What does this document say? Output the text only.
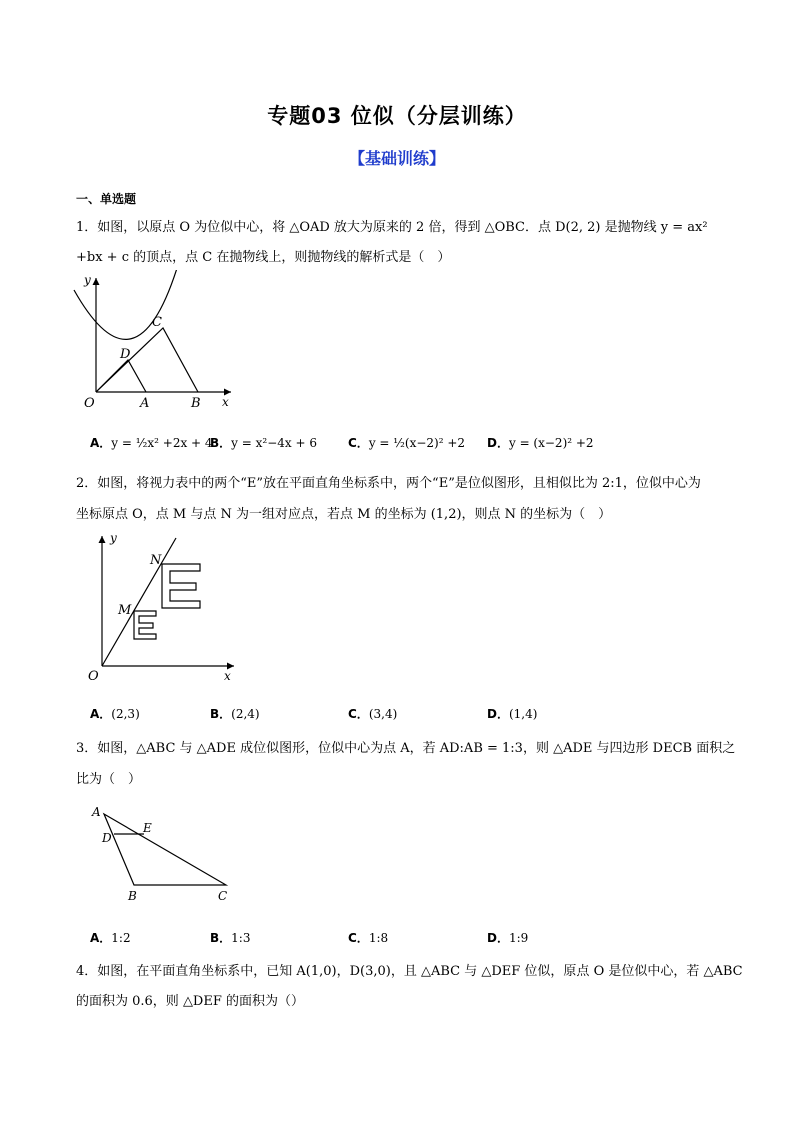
专题03 位似（分层训练）
【基础训练】
一、单选题
1．如图，以原点 O 为位似中心，将 △OAD 放大为原来的 2 倍，得到 △OBC．点 D(2, 2) 是抛物线 y = ax²
+bx + c 的顶点，点 C 在抛物线上，则抛物线的解析式是（　）
y
C
D
O	A	B x
A．y = ½x² +2x + 4
B．y = x²−4x + 6	C．y = ½(x−2)² +2 D．y = (x−2)² +2
2．如图，将视力表中的两个“E”放在平面直角坐标系中，两个“E”是位似图形，且相似比为 2:1，位似中心为
坐标原点 O，点 M 与点 N 为一组对应点，若点 M 的坐标为 (1,2)，则点 N 的坐标为（　）
y
N
M
O	x
A．(2,3)	B．(2,4)	C．(3,4)	D．(1,4)
3．如图，△ABC 与 △ADE 成位似图形，位似中心为点 A，若 AD:AB = 1:3，则 △ADE 与四边形 DECB 面积之
比为（　）
A
E
D
B	C
A．1:2	B．1:3	C．1:8	D．1:9
4．如图，在平面直角坐标系中，已知 A(1,0)，D(3,0)，且 △ABC 与 △DEF 位似，原点 O 是位似中心，若 △ABC
的面积为 0.6，则 △DEF 的面积为（）
